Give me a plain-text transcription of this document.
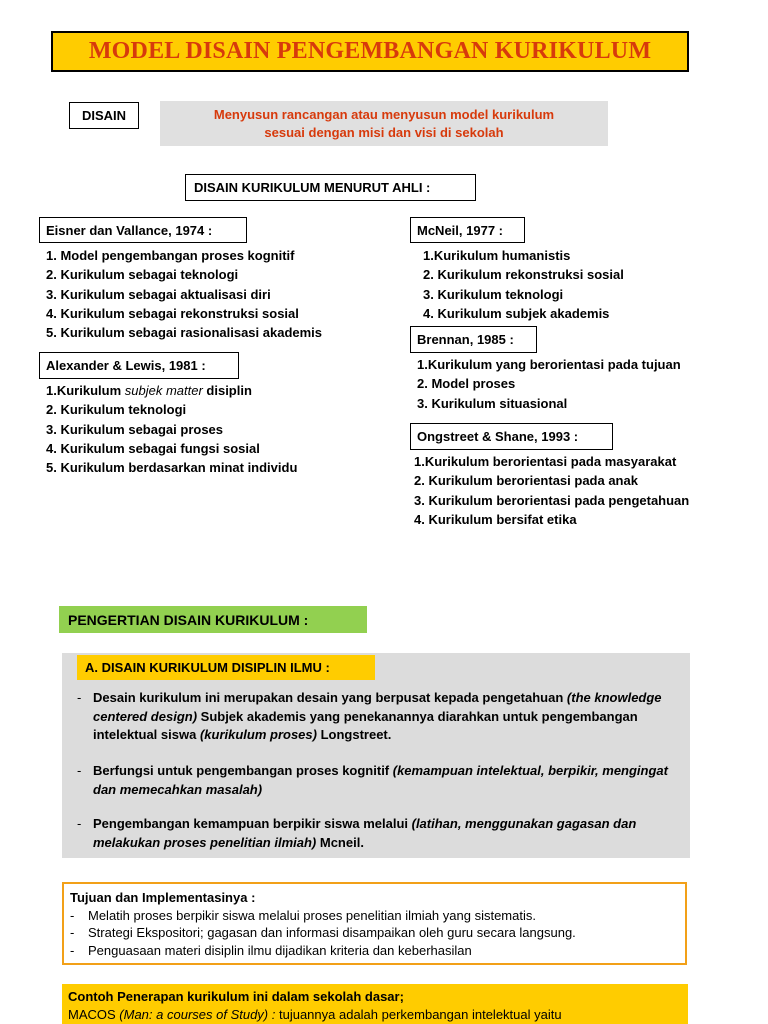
MODEL DISAIN PENGEMBANGAN KURIKULUM
DISAIN	Menyusun rancangan atau menyusun model kurikulum
sesuai dengan misi dan visi di sekolah
DISAIN KURIKULUM MENURUT AHLI :
Eisner dan Vallance, 1974 :
1. Model pengembangan proses kognitif
2. Kurikulum sebagai teknologi
3. Kurikulum sebagai aktualisasi diri
4. Kurikulum sebagai rekonstruksi sosial
5. Kurikulum sebagai rasionalisasi akademis
Alexander & Lewis, 1981 :
1.Kurikulum subjek matter disiplin
2. Kurikulum teknologi
3. Kurikulum sebagai proses
4. Kurikulum sebagai fungsi sosial
5. Kurikulum berdasarkan minat individu
McNeil, 1977 :
1.Kurikulum humanistis
2. Kurikulum rekonstruksi sosial
3. Kurikulum teknologi
4. Kurikulum subjek akademis
Brennan, 1985 :
1.Kurikulum yang berorientasi pada tujuan
2. Model proses
3. Kurikulum situasional
Ongstreet & Shane, 1993 :
1.Kurikulum berorientasi pada masyarakat
2. Kurikulum berorientasi pada anak
3. Kurikulum berorientasi pada pengetahuan
4. Kurikulum bersifat etika
PENGERTIAN DISAIN KURIKULUM :
A. DISAIN KURIKULUM DISIPLIN ILMU :
- Desain kurikulum ini merupakan desain yang berpusat kepada pengetahuan (the knowledge centered design) Subjek akademis yang penekanannya diarahkan untuk pengembangan intelektual siswa (kurikulum proses) Longstreet.
- Berfungsi untuk pengembangan proses kognitif (kemampuan intelektual, berpikir, mengingat dan memecahkan masalah)
- Pengembangan kemampuan berpikir siswa melalui (latihan, menggunakan gagasan dan melakukan proses penelitian ilmiah) Mcneil.
Tujuan dan Implementasinya :
-	Melatih proses berpikir siswa melalui proses penelitian ilmiah yang sistematis.
-	Strategi Ekspositori; gagasan dan informasi disampaikan oleh guru secara langsung.
-	Penguasaan materi disiplin ilmu dijadikan kriteria dan keberhasilan
Contoh Penerapan kurikulum ini dalam sekolah dasar;
MACOS (Man: a courses of Study) : tujuannya adalah perkembangan intelektual yaitu
